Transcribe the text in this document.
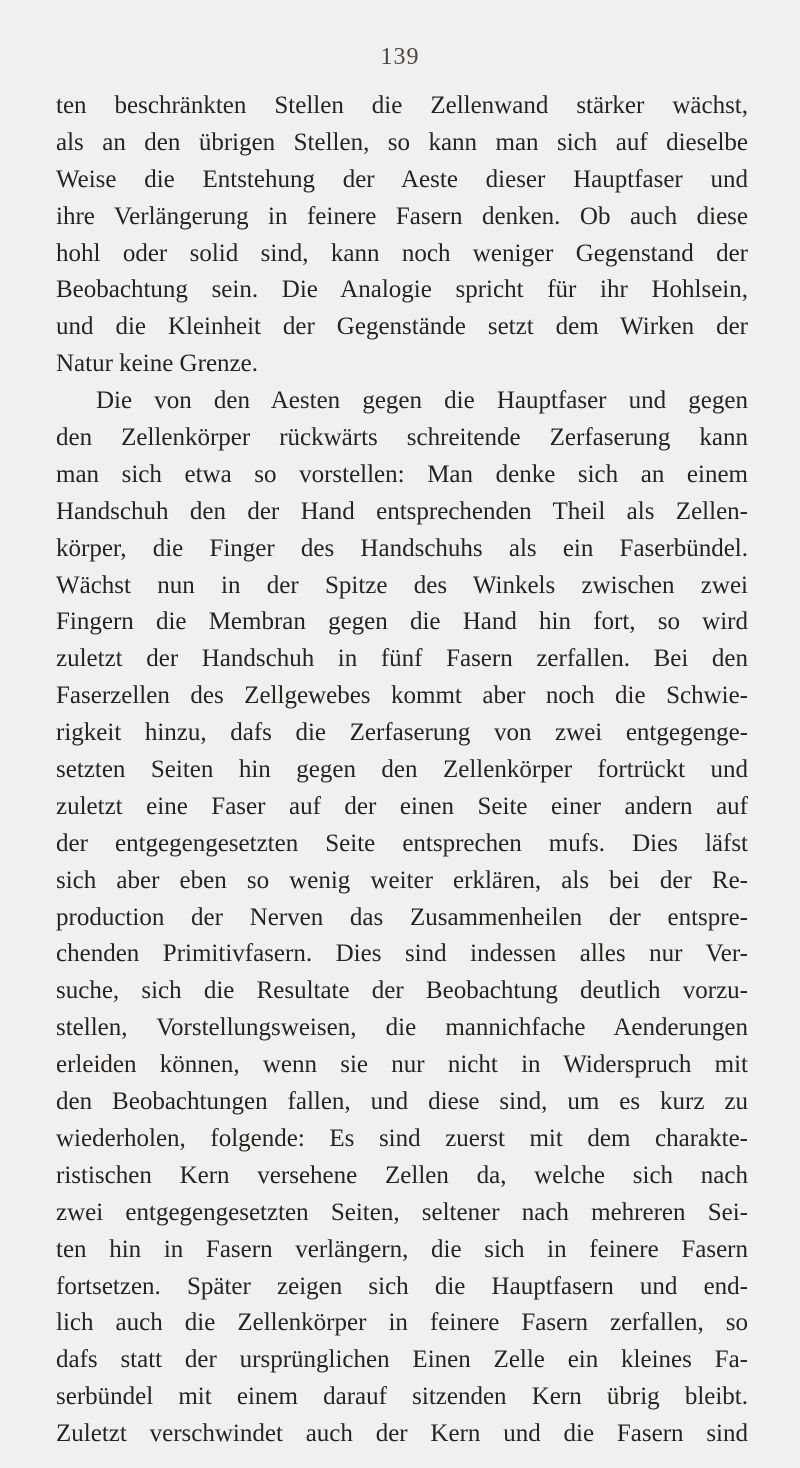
139
ten beschränkten Stellen die Zellenwand stärker wächst,
als an den übrigen Stellen, so kann man sich auf dieselbe
Weise die Entstehung der Aeste dieser Hauptfaser und
ihre Verlängerung in feinere Fasern denken. Ob auch diese
hohl oder solid sind, kann noch weniger Gegenstand der
Beobachtung sein. Die Analogie spricht für ihr Hohlsein,
und die Kleinheit der Gegenstände setzt dem Wirken der
Natur keine Grenze.
Die von den Aesten gegen die Hauptfaser und gegen
den Zellenkörper rückwärts schreitende Zerfaserung kann
man sich etwa so vorstellen: Man denke sich an einem
Handschuh den der Hand entsprechenden Theil als Zellen-
körper, die Finger des Handschuhs als ein Faserbündel.
Wächst nun in der Spitze des Winkels zwischen zwei
Fingern die Membran gegen die Hand hin fort, so wird
zuletzt der Handschuh in fünf Fasern zerfallen. Bei den
Faserzellen des Zellgewebes kommt aber noch die Schwie-
rigkeit hinzu, dafs die Zerfaserung von zwei entgegenge-
setzten Seiten hin gegen den Zellenkörper fortrückt und
zuletzt eine Faser auf der einen Seite einer andern auf
der entgegengesetzten Seite entsprechen mufs. Dies läfst
sich aber eben so wenig weiter erklären, als bei der Re-
production der Nerven das Zusammenheilen der entspre-
chenden Primitivfasern. Dies sind indessen alles nur Ver-
suche, sich die Resultate der Beobachtung deutlich vorzu-
stellen, Vorstellungsweisen, die mannichfache Aenderungen
erleiden können, wenn sie nur nicht in Widerspruch mit
den Beobachtungen fallen, und diese sind, um es kurz zu
wiederholen, folgende: Es sind zuerst mit dem charakte-
ristischen Kern versehene Zellen da, welche sich nach
zwei entgegengesetzten Seiten, seltener nach mehreren Sei-
ten hin in Fasern verlängern, die sich in feinere Fasern
fortsetzen. Später zeigen sich die Hauptfasern und end-
lich auch die Zellenkörper in feinere Fasern zerfallen, so
dafs statt der ursprünglichen Einen Zelle ein kleines Fa-
serbündel mit einem darauf sitzenden Kern übrig bleibt.
Zuletzt verschwindet auch der Kern und die Fasern sind
